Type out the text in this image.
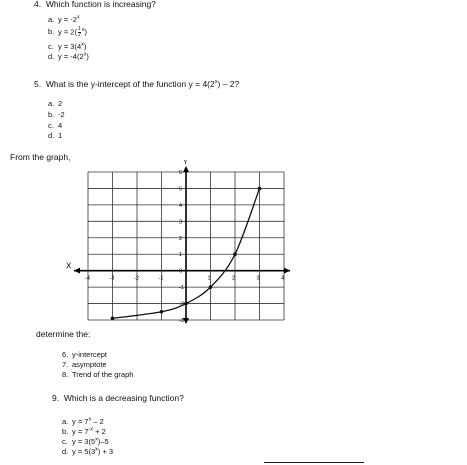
4. Which function is increasing?
a. $y = -2^x$
b. $y = 2( \frac{1}{2} ^x)$
c. $y = 3(4^x)$
d. $y = -4(2^x)$
5. What is the y-intercept of the function $y = 4(2^x) - 2$?
a. 2
b. -2
c. 4
d. 1
From the graph,
X
Y
-4	-3	-2	-1	1	2	3	4
-3
-2
-1
0
1
2
3
4
5
6
determine the:
6. y-intercept
7. asymptote
8. Trend of the graph
9. Which is a decreasing function?
a. $y = 7^x - 2$
b. $y = 7^{-x} + 2$
c. $y = 3(5^x)-5$
d. $y = 5(3^x) + 3$
